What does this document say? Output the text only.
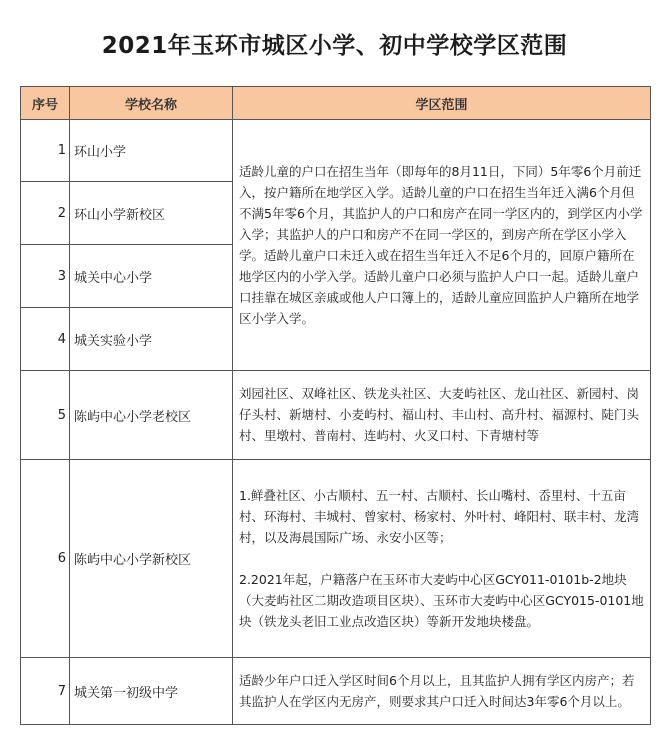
2021年玉环市城区小学、初中学校学区范围
序号	学校名称	学区范围
1	环山小学	适龄儿童的户口在招生当年（即每年的8月11日，下同）5年零6个月前迁入，按户籍所在地学区入学。适龄儿童的户口在招生当年迁入满6个月但不满5年零6个月，其监护人的户口和房产在同一学区内的，到学区内小学入学；其监护人的户口和房产不在同一学区的，到房产所在学区小学入学。适龄儿童户口未迁入或在招生当年迁入不足6个月的，回原户籍所在地学区内的小学入学。适龄儿童户口必须与监护人户口一起。适龄儿童户口挂靠在城区亲戚或他人户口簿上的，适龄儿童应回监护人户籍所在地学区小学入学。
2	环山小学新校区	
3	城关中心小学	
4	城关实验小学	
5	陈屿中心小学老校区	刘园社区、双峰社区、铁龙头社区、大麦屿社区、龙山社区、新园村、岗仔头村、新塘村、小麦屿村、福山村、丰山村、高升村、福源村、陡门头村、里墩村、普南村、连屿村、火叉口村、下青塘村等
6	陈屿中心小学新校区	1.鲜叠社区、小古顺村、五一村、古顺村、长山嘴村、岙里村、十五亩村、环海村、丰城村、曾家村、杨家村、外叶村、峰阳村、联丰村、龙湾村，以及海晨国际广场、永安小区等；
2.2021年起，户籍落户在玉环市大麦屿中心区GCY011-0101b-2地块（大麦屿社区二期改造项目区块）、玉环市大麦屿中心区GCY015-0101地块（铁龙头老旧工业点改造区块）等新开发地块楼盘。
7	城关第一初级中学	适龄少年户口迁入学区时间6个月以上，且其监护人拥有学区内房产；若其监护人在学区内无房产，则要求其户口迁入时间达3年零6个月以上。
